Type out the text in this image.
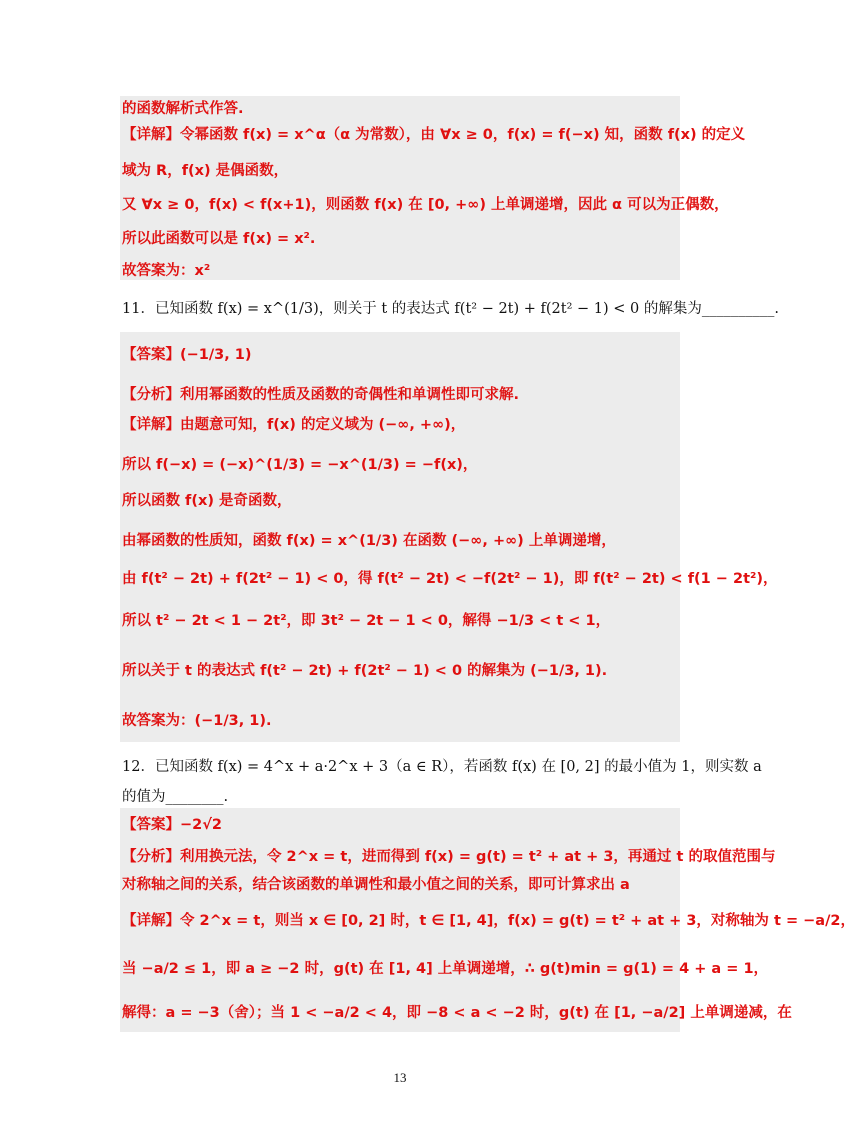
的函数解析式作答.
【详解】令幂函数 f(x) = x^α（α 为常数），由 ∀x ≥ 0，f(x) = f(−x) 知，函数 f(x) 的定义
域为 R，f(x) 是偶函数，
又 ∀x ≥ 0，f(x) < f(x+1)，则函数 f(x) 在 [0, +∞) 上单调递增，因此 α 可以为正偶数，
所以此函数可以是 f(x) = x².
故答案为：x²
11．已知函数 f(x) = x^(1/3)，则关于 t 的表达式 f(t² − 2t) + f(2t² − 1) < 0 的解集为__________.
【答案】(−1/3, 1)
【分析】利用幂函数的性质及函数的奇偶性和单调性即可求解.
【详解】由题意可知，f(x) 的定义域为 (−∞, +∞)，
所以 f(−x) = (−x)^(1/3) = −x^(1/3) = −f(x)，
所以函数 f(x) 是奇函数，
由幂函数的性质知，函数 f(x) = x^(1/3) 在函数 (−∞, +∞) 上单调递增，
由 f(t² − 2t) + f(2t² − 1) < 0，得 f(t² − 2t) < −f(2t² − 1)，即 f(t² − 2t) < f(1 − 2t²)，
所以 t² − 2t < 1 − 2t²，即 3t² − 2t − 1 < 0，解得 −1/3 < t < 1，
所以关于 t 的表达式 f(t² − 2t) + f(2t² − 1) < 0 的解集为 (−1/3, 1).
故答案为：(−1/3, 1).
12．已知函数 f(x) = 4^x + a·2^x + 3（a ∈ R），若函数 f(x) 在 [0, 2] 的最小值为 1，则实数 a
的值为________.
【答案】−2√2
【分析】利用换元法，令 2^x = t，进而得到 f(x) = g(t) = t² + at + 3，再通过 t 的取值范围与
对称轴之间的关系，结合该函数的单调性和最小值之间的关系，即可计算求出 a
【详解】令 2^x = t，则当 x ∈ [0, 2] 时，t ∈ [1, 4]，f(x) = g(t) = t² + at + 3，对称轴为 t = −a/2，
当 −a/2 ≤ 1，即 a ≥ −2 时，g(t) 在 [1, 4] 上单调递增，∴ g(t)min = g(1) = 4 + a = 1，
解得：a = −3（舍）；当 1 < −a/2 < 4，即 −8 < a < −2 时，g(t) 在 [1, −a/2] 上单调递减，在
13
